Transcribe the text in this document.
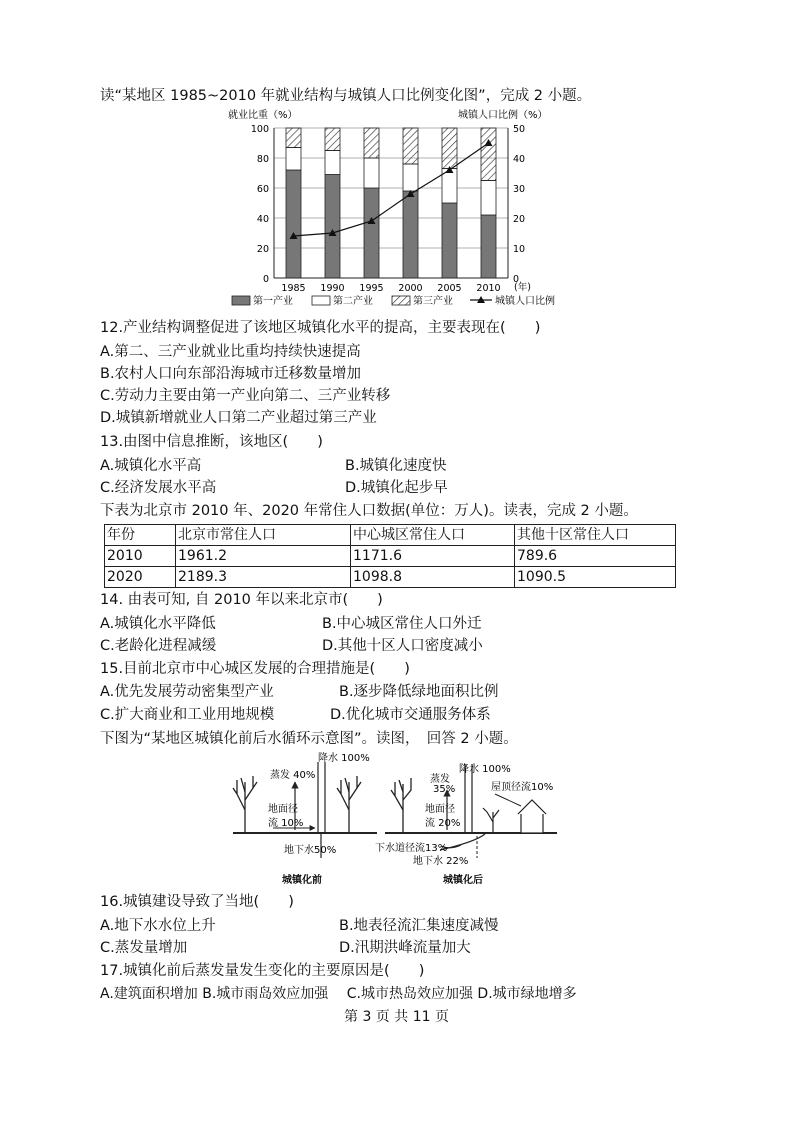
读“某地区 1985~2010 年就业结构与城镇人口比例变化图”，完成 2 小题。
0	0
20	10
40	20
60	30
80	40
100	50
就业比重（%）	城镇人口比例（%）
(年)
1985 1990 1995 2000 2005 2010
第一产业	第二产业	第三产业	城镇人口比例
12.产业结构调整促进了该地区城镇化水平的提高，主要表现在(　　)
A.第二、三产业就业比重均持续快速提高
B.农村人口向东部沿海城市迁移数量增加
C.劳动力主要由第一产业向第二、三产业转移
D.城镇新增就业人口第二产业超过第三产业
13.由图中信息推断，该地区(　　)
A.城镇化水平高	B.城镇化速度快
C.经济发展水平高	D.城镇化起步早
下表为北京市 2010 年、2020 年常住人口数据(单位：万人)。读表，完成 2 小题。
年份	北京市常住人口	中心城区常住人口	其他十区常住人口
2010	1961.2	1171.6	789.6
2020	2189.3	1098.8	1090.5
14. 由表可知, 自 2010 年以来北京市(　　)
A.城镇化水平降低	B.中心城区常住人口外迁
C.老龄化进程减缓	D.其他十区人口密度减小
15.目前北京市中心城区发展的合理措施是(　　)
A.优先发展劳动密集型产业	B.逐步降低绿地面积比例
C.扩大商业和工业用地规模	D.优化城市交通服务体系
下图为“某地区城镇化前后水循环示意图”。读图，　回答 2 小题。
降水 100%
蒸发 40%
地面径
流 10%
地下水50%
城镇化前
降水 100%
蒸发
35%	屋顶径流10%
地面径
流 20%
下水道径流13%
地下水 22%
城镇化后
16.城镇建设导致了当地(　　)
A.地下水水位上升	B.地表径流汇集速度减慢
C.蒸发量增加	D.汛期洪峰流量加大
17.城镇化前后蒸发量发生变化的主要原因是(　　)
A.建筑面积增加 B.城市雨岛效应加强　 C.城市热岛效应加强 D.城市绿地增多
第 3 页 共 11 页
